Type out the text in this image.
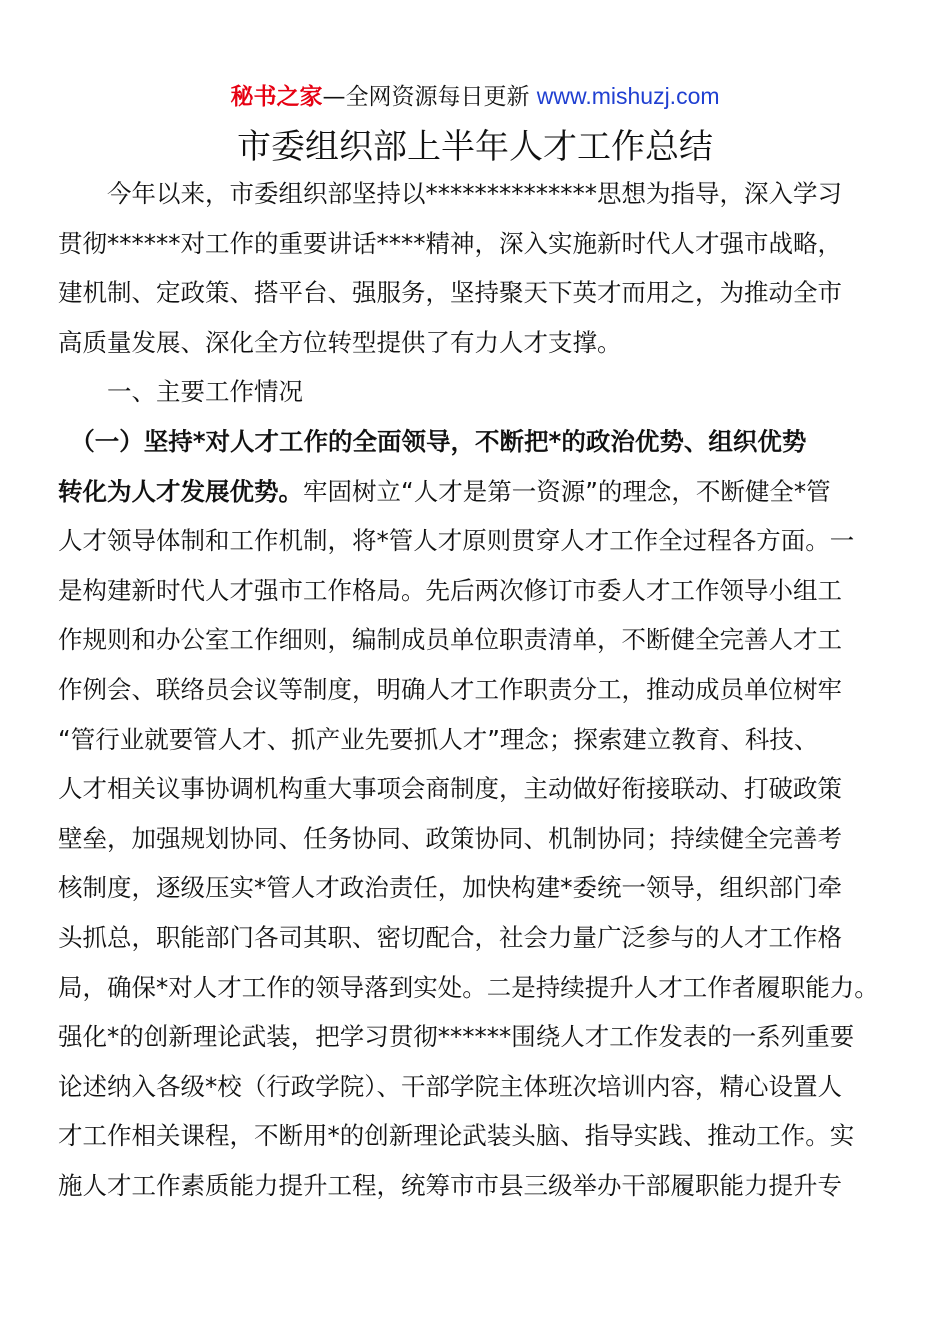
秘书之家—全网资源每日更新 www.mishuzj.com
市委组织部上半年人才工作总结
　　今年以来，市委组织部坚持以**************思想为指导，深入学习
贯彻******对工作的重要讲话****精神，深入实施新时代人才强市战略，
建机制、定政策、搭平台、强服务，坚持聚天下英才而用之，为推动全市
高质量发展、深化全方位转型提供了有力人才支撑。
　　一、主要工作情况
　（一）坚持*对人才工作的全面领导，不断把*的政治优势、组织优势
转化为人才发展优势。牢固树立“人才是第一资源”的理念，不断健全*管
人才领导体制和工作机制，将*管人才原则贯穿人才工作全过程各方面。一
是构建新时代人才强市工作格局。先后两次修订市委人才工作领导小组工
作规则和办公室工作细则，编制成员单位职责清单，不断健全完善人才工
作例会、联络员会议等制度，明确人才工作职责分工，推动成员单位树牢
“管行业就要管人才、抓产业先要抓人才”理念；探索建立教育、科技、
人才相关议事协调机构重大事项会商制度，主动做好衔接联动、打破政策
壁垒，加强规划协同、任务协同、政策协同、机制协同；持续健全完善考
核制度，逐级压实*管人才政治责任，加快构建*委统一领导，组织部门牵
头抓总，职能部门各司其职、密切配合，社会力量广泛参与的人才工作格
局，确保*对人才工作的领导落到实处。二是持续提升人才工作者履职能力。
强化*的创新理论武装，把学习贯彻******围绕人才工作发表的一系列重要
论述纳入各级*校（行政学院）、干部学院主体班次培训内容，精心设置人
才工作相关课程，不断用*的创新理论武装头脑、指导实践、推动工作。实
施人才工作素质能力提升工程，统筹市市县三级举办干部履职能力提升专
